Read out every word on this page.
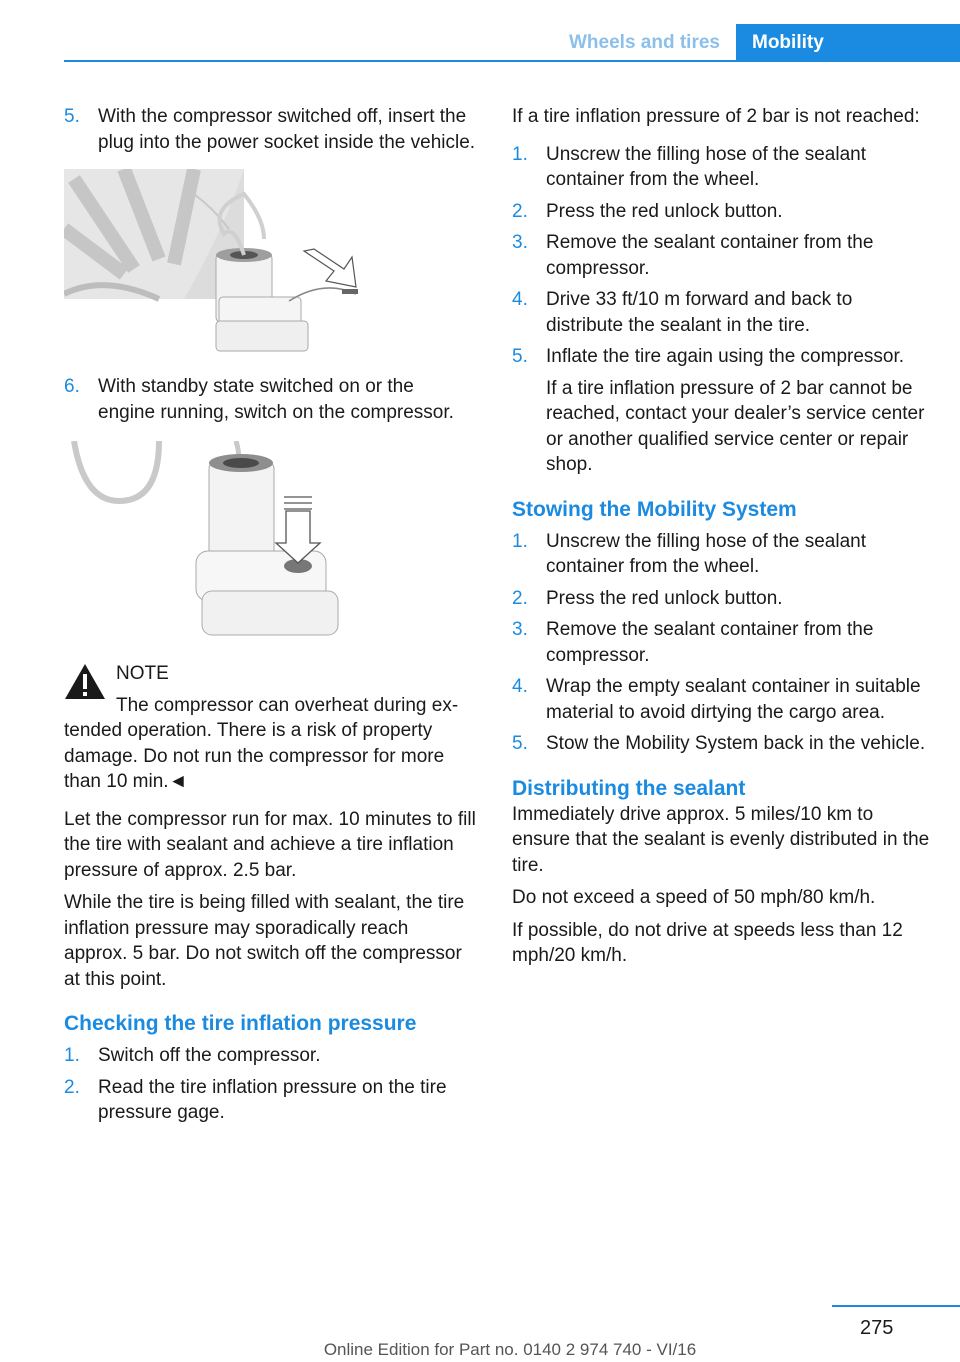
Wheels and tires	Mobility
5. With the compressor switched off, insert the plug into the power socket inside the vehicle.
6. With standby state switched on or the engine running, switch on the compressor.
NOTE
The compressor can overheat during ex-
tended operation. There is a risk of property damage. Do not run the compressor for more than 10 min.◄

Let the compressor run for max. 10 minutes to fill the tire with sealant and achieve a tire inflation pressure of approx. 2.5 bar.

While the tire is being filled with sealant, the tire inflation pressure may sporadically reach approx. 5 bar. Do not switch off the compressor at this point.

Checking the tire inflation pressure
1. Switch off the compressor.
2. Read the tire inflation pressure on the tire pressure gage.

If a tire inflation pressure of 2 bar is not reached:

1. Unscrew the filling hose of the sealant container from the wheel.
2. Press the red unlock button.
3. Remove the sealant container from the compressor.
4. Drive 33 ft/10 m forward and back to distribute the sealant in the tire.
5. Inflate the tire again using the compressor.
If a tire inflation pressure of 2 bar cannot be reached, contact your dealer’s service center or another qualified service center or repair shop.
Stowing the Mobility System
1. Unscrew the filling hose of the sealant container from the wheel.
2. Press the red unlock button.
3. Remove the sealant container from the compressor.
4. Wrap the empty sealant container in suitable material to avoid dirtying the cargo area.
5. Stow the Mobility System back in the vehicle.
Distributing the sealant

Immediately drive approx. 5 miles/10 km to ensure that the sealant is evenly distributed in the tire.

Do not exceed a speed of 50 mph/80 km/h.

If possible, do not drive at speeds less than 12 mph/20 km/h.

275
Online Edition for Part no. 0140 2 974 740 - VI/16
